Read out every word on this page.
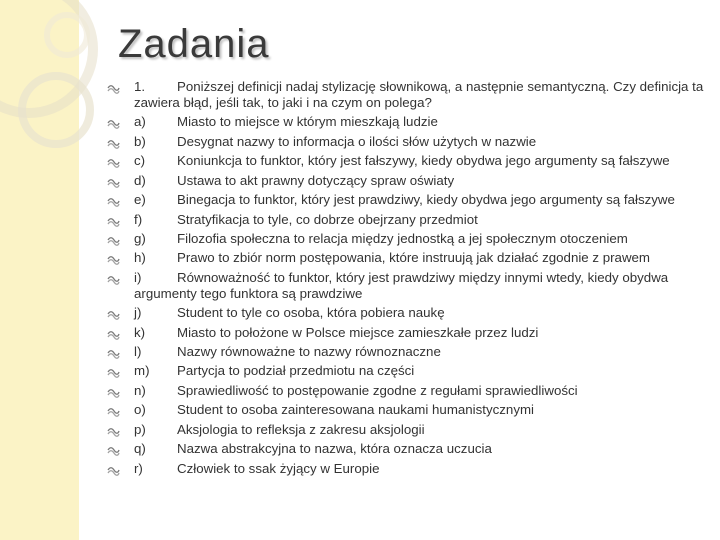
Zadania
1. Poniższej definicji nadaj stylizację słownikową, a następnie semantyczną. Czy definicja ta zawiera błąd, jeśli tak, to jaki i na czym on polega?
a) Miasto to miejsce w którym mieszkają ludzie
b) Desygnat nazwy to informacja o ilości słów użytych w nazwie
c) Koniunkcja to funktor, który jest fałszywy, kiedy obydwa jego argumenty są fałszywe
d) Ustawa to akt prawny dotyczący spraw oświaty
e) Binegacja to funktor, który jest prawdziwy, kiedy obydwa jego argumenty są fałszywe
f)	Stratyfikacja to tyle, co dobrze obejrzany przedmiot
g) Filozofia społeczna to relacja między jednostką a jej społecznym otoczeniem
h) Prawo to zbiór norm postępowania, które instruują jak działać zgodnie z prawem
i)	Równoważność to funktor, który jest prawdziwy między innymi wtedy, kiedy obydwa argumenty tego funktora są prawdziwe
j)	Student to tyle co osoba, która pobiera naukę
k) Miasto to położone w Polsce miejsce zamieszkałe przez ludzi
l)	Nazwy równoważne to nazwy równoznaczne
m) Partycja to podział przedmiotu na części
n) Sprawiedliwość to postępowanie zgodne z regułami sprawiedliwości
o) Student to osoba zainteresowana naukami humanistycznymi
p) Aksjologia to refleksja z zakresu aksjologii
q) Nazwa abstrakcyjna to nazwa, która oznacza uczucia
r)	Człowiek to ssak żyjący w Europie
